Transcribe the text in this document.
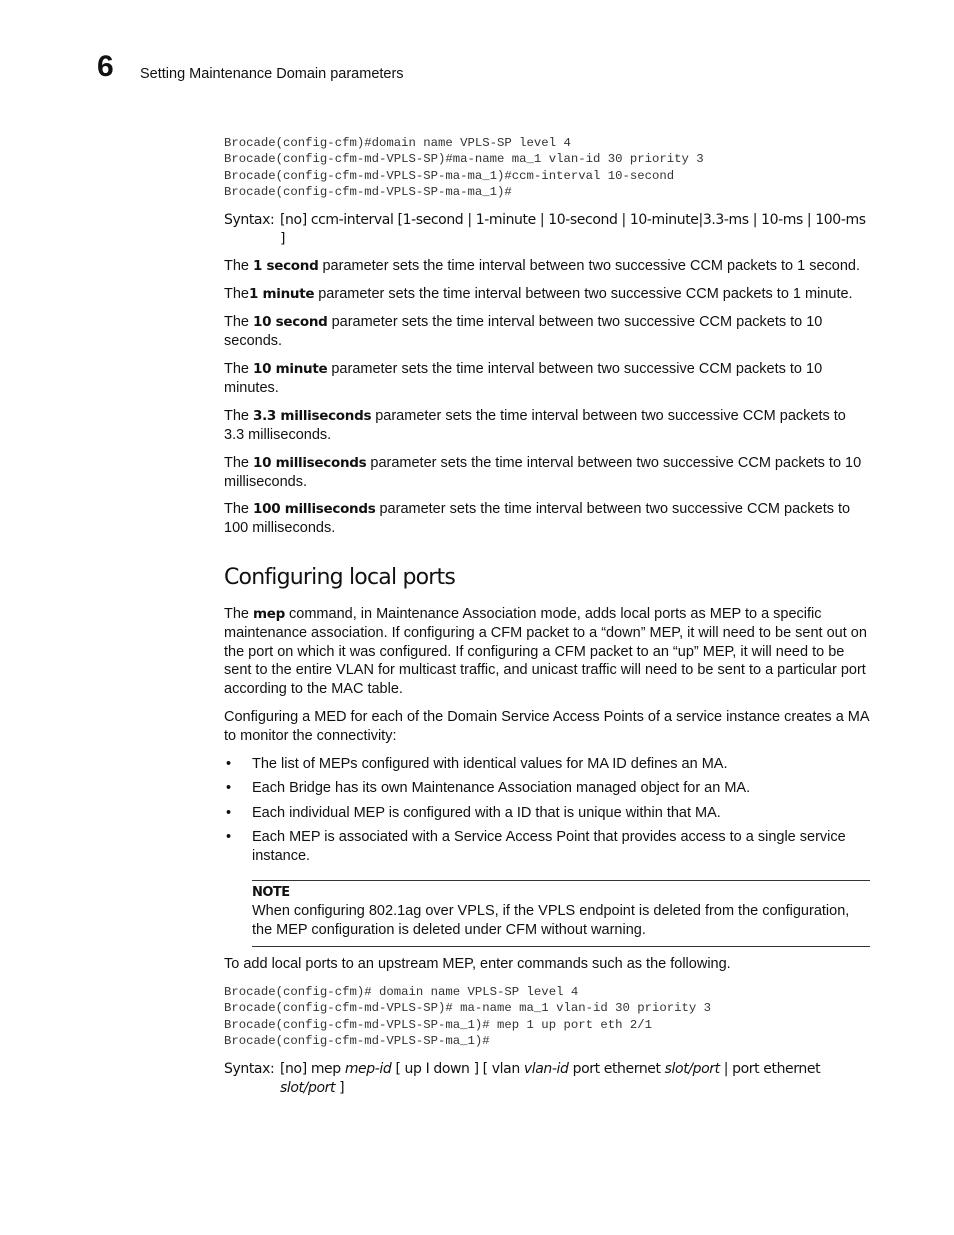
6 Setting Maintenance Domain parameters
Brocade(config-cfm)#domain name VPLS-SP level 4
Brocade(config-cfm-md-VPLS-SP)#ma-name ma_1 vlan-id 30 priority 3
Brocade(config-cfm-md-VPLS-SP-ma-ma_1)#ccm-interval 10-second
Brocade(config-cfm-md-VPLS-SP-ma-ma_1)#
Syntax: [no] ccm-interval [1-second | 1-minute | 10-second | 10-minute|3.3-ms | 10-ms | 100-ms ]
The 1 second parameter sets the time interval between two successive CCM packets to 1 second.
The1 minute parameter sets the time interval between two successive CCM packets to 1 minute.
The 10 second parameter sets the time interval between two successive CCM packets to 10 seconds.
The 10 minute parameter sets the time interval between two successive CCM packets to 10 minutes.
The 3.3 milliseconds parameter sets the time interval between two successive CCM packets to 3.3 milliseconds.
The 10 milliseconds parameter sets the time interval between two successive CCM packets to 10 milliseconds.
The 100 milliseconds parameter sets the time interval between two successive CCM packets to 100 milliseconds.
Configuring local ports
The mep command, in Maintenance Association mode, adds local ports as MEP to a specific maintenance association. If configuring a CFM packet to a “down” MEP, it will need to be sent out on the port on which it was configured. If configuring a CFM packet to an “up” MEP, it will need to be sent to the entire VLAN for multicast traffic, and unicast traffic will need to be sent to a particular port according to the MAC table.
Configuring a MED for each of the Domain Service Access Points of a service instance creates a MA to monitor the connectivity:
• The list of MEPs configured with identical values for MA ID defines an MA.
• Each Bridge has its own Maintenance Association managed object for an MA.
• Each individual MEP is configured with a ID that is unique within that MA.
• Each MEP is associated with a Service Access Point that provides access to a single service instance.
NOTE
When configuring 802.1ag over VPLS, if the VPLS endpoint is deleted from the configuration, the MEP configuration is deleted under CFM without warning.
To add local ports to an upstream MEP, enter commands such as the following.
Brocade(config-cfm)# domain name VPLS-SP level 4
Brocade(config-cfm-md-VPLS-SP)# ma-name ma_1 vlan-id 30 priority 3
Brocade(config-cfm-md-VPLS-SP-ma_1)# mep 1 up port eth 2/1
Brocade(config-cfm-md-VPLS-SP-ma_1)#
Syntax: [no] mep mep-id [ up I down ] [ vlan vlan-id port ethernet slot/port | port ethernet slot/port ]
